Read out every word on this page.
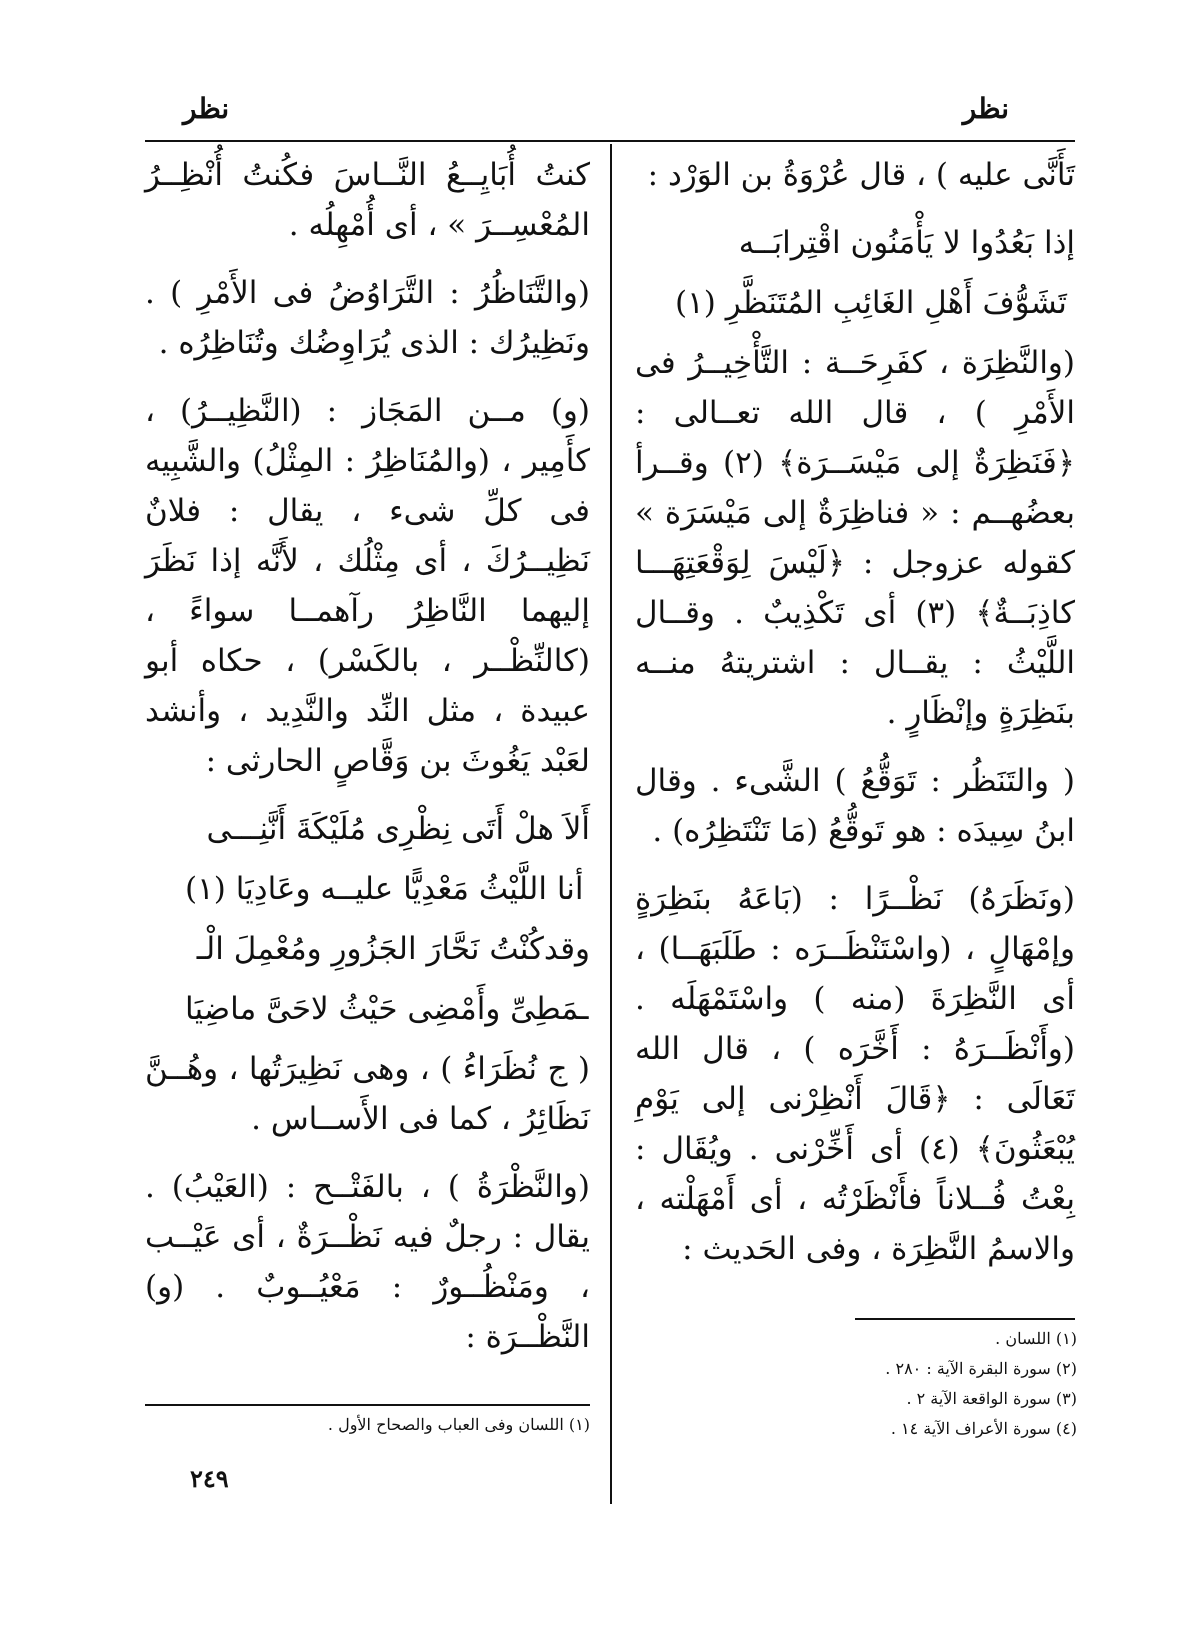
نظر
نظر

تَأَنَّى عليه ) ، قال عُرْوَةُ بن الوَرْد :

إذا بَعُدُوا لا يَأْمَنُون اقْتِرابَــه

تَشَوُّفَ أَهْلِ الغَائِبِ المُتَنَظَّرِ (١)

(والنَّظِرَة ، كفَرِحَــة : التَّأْخِيــرُ فى الأَمْرِ ) ، قال الله تعــالى : ﴿فَنَظِرَةٌ إلى مَيْسَــرَة﴾ (٢) وقــرأ بعضُهــم : « فناظِرَةٌ إلى مَيْسَرَة » كقوله عزوجل : ﴿لَيْسَ لِوَقْعَتِهَـــا كاذِبَــةٌ﴾ (٣) أى تَكْذِيبٌ . وقــال اللَّيْثُ : يقــال : اشتريتهُ منــه بنَظِرَةٍ وإنْظَارٍ .

( والتَنَظُر : تَوَقُّعُ ) الشَّىء . وقال ابنُ سِيدَه : هو تَوقُّعُ (مَا تَنْتَظِرُه) .

(ونَظَرَهُ) نَظْــرًا : (بَاعَهُ بنَظِرَةٍ وإمْهَالٍ ، (واسْتَنْظَــرَه : طَلَبَهَــا) ، أى النَّظِرَةَ (منه ) واسْتَمْهَلَه . (وأَنْظَــرَهُ : أَخَّرَه ) ، قال الله تَعَالَى : ﴿قَالَ أَنْظِرْنى إلى يَوْمِ يُبْعَثُونَ﴾ (٤) أى أَخِّرْنى . ويُقَال : بِعْتُ فُــلاناً فأَنْظَرْتُه ، أى أَمْهَلْته ، والاسمُ النَّظِرَة ، وفى الحَديث :

كنتُ أُبَايِــعُ النَّــاسَ فكُنتُ أُنْظِــرُ المُعْسِــرَ » ، أى أُمْهِلُه .

(والتَّنَاظُرُ : التَّرَاوُضُ فى الأَمْرِ ) . ونَظِيرُك : الذى يُرَاوِضُك وتُنَاظِرُه .

(و) مــن المَجَاز : (النَّظِيــرُ) ، كأَمِير ، (والمُنَاظِرُ : المِثْلُ) والشَّبِيه فى كلِّ شىء ، يقال : فلانٌ نَظِيــرُكَ ، أى مِثْلُك ، لأَنَّه إذا نَظَرَ إليهما النَّاظِرُ رآهمــا سواءً ، (كالنِّظْــر ، بالكَسْر) ، حكاه أبو عبيدة ، مثل النِّد والنَّدِيد ، وأنشد لعَبْد يَغُوثَ بن وَقَّاصٍ الحارثى :

أَلاَ هلْ أَتَى نِظْرِى مُلَيْكَةَ أَنَّنِـــى

أنا اللَّيْثُ مَعْدِيًّا عليــه وعَادِيَا (١)

وقدكُنْتُ نَحَّارَ الجَزُورِ ومُعْمِلَ الْـ

ـمَطِىِّ وأَمْضِى حَيْثُ لاحَىَّ ماضِيَا

( ج نُظَرَاءُ ) ، وهى نَظِيرَتُها ، وهُــنَّ نَظَائِرُ ، كما فى الأَســاس .

(والنَّظْرَةُ ) ، بالفَتْــح : (العَيْبُ) . يقال : رجلٌ فيه نَظْــرَةٌ ، أى عَيْــب ، ومَنْظُــورٌ : مَعْيُــوبٌ . (و) النَّظْــرَة :	(١) اللسان .
(٢) سورة البقرة الآية : ٢٨٠ .
(٣) سورة الواقعة الآية ٢ .
(٤) سورة الأعراف الآية ١٤ .
(١) اللسان وفى العباب والصحاح الأول .
٢٤٩
